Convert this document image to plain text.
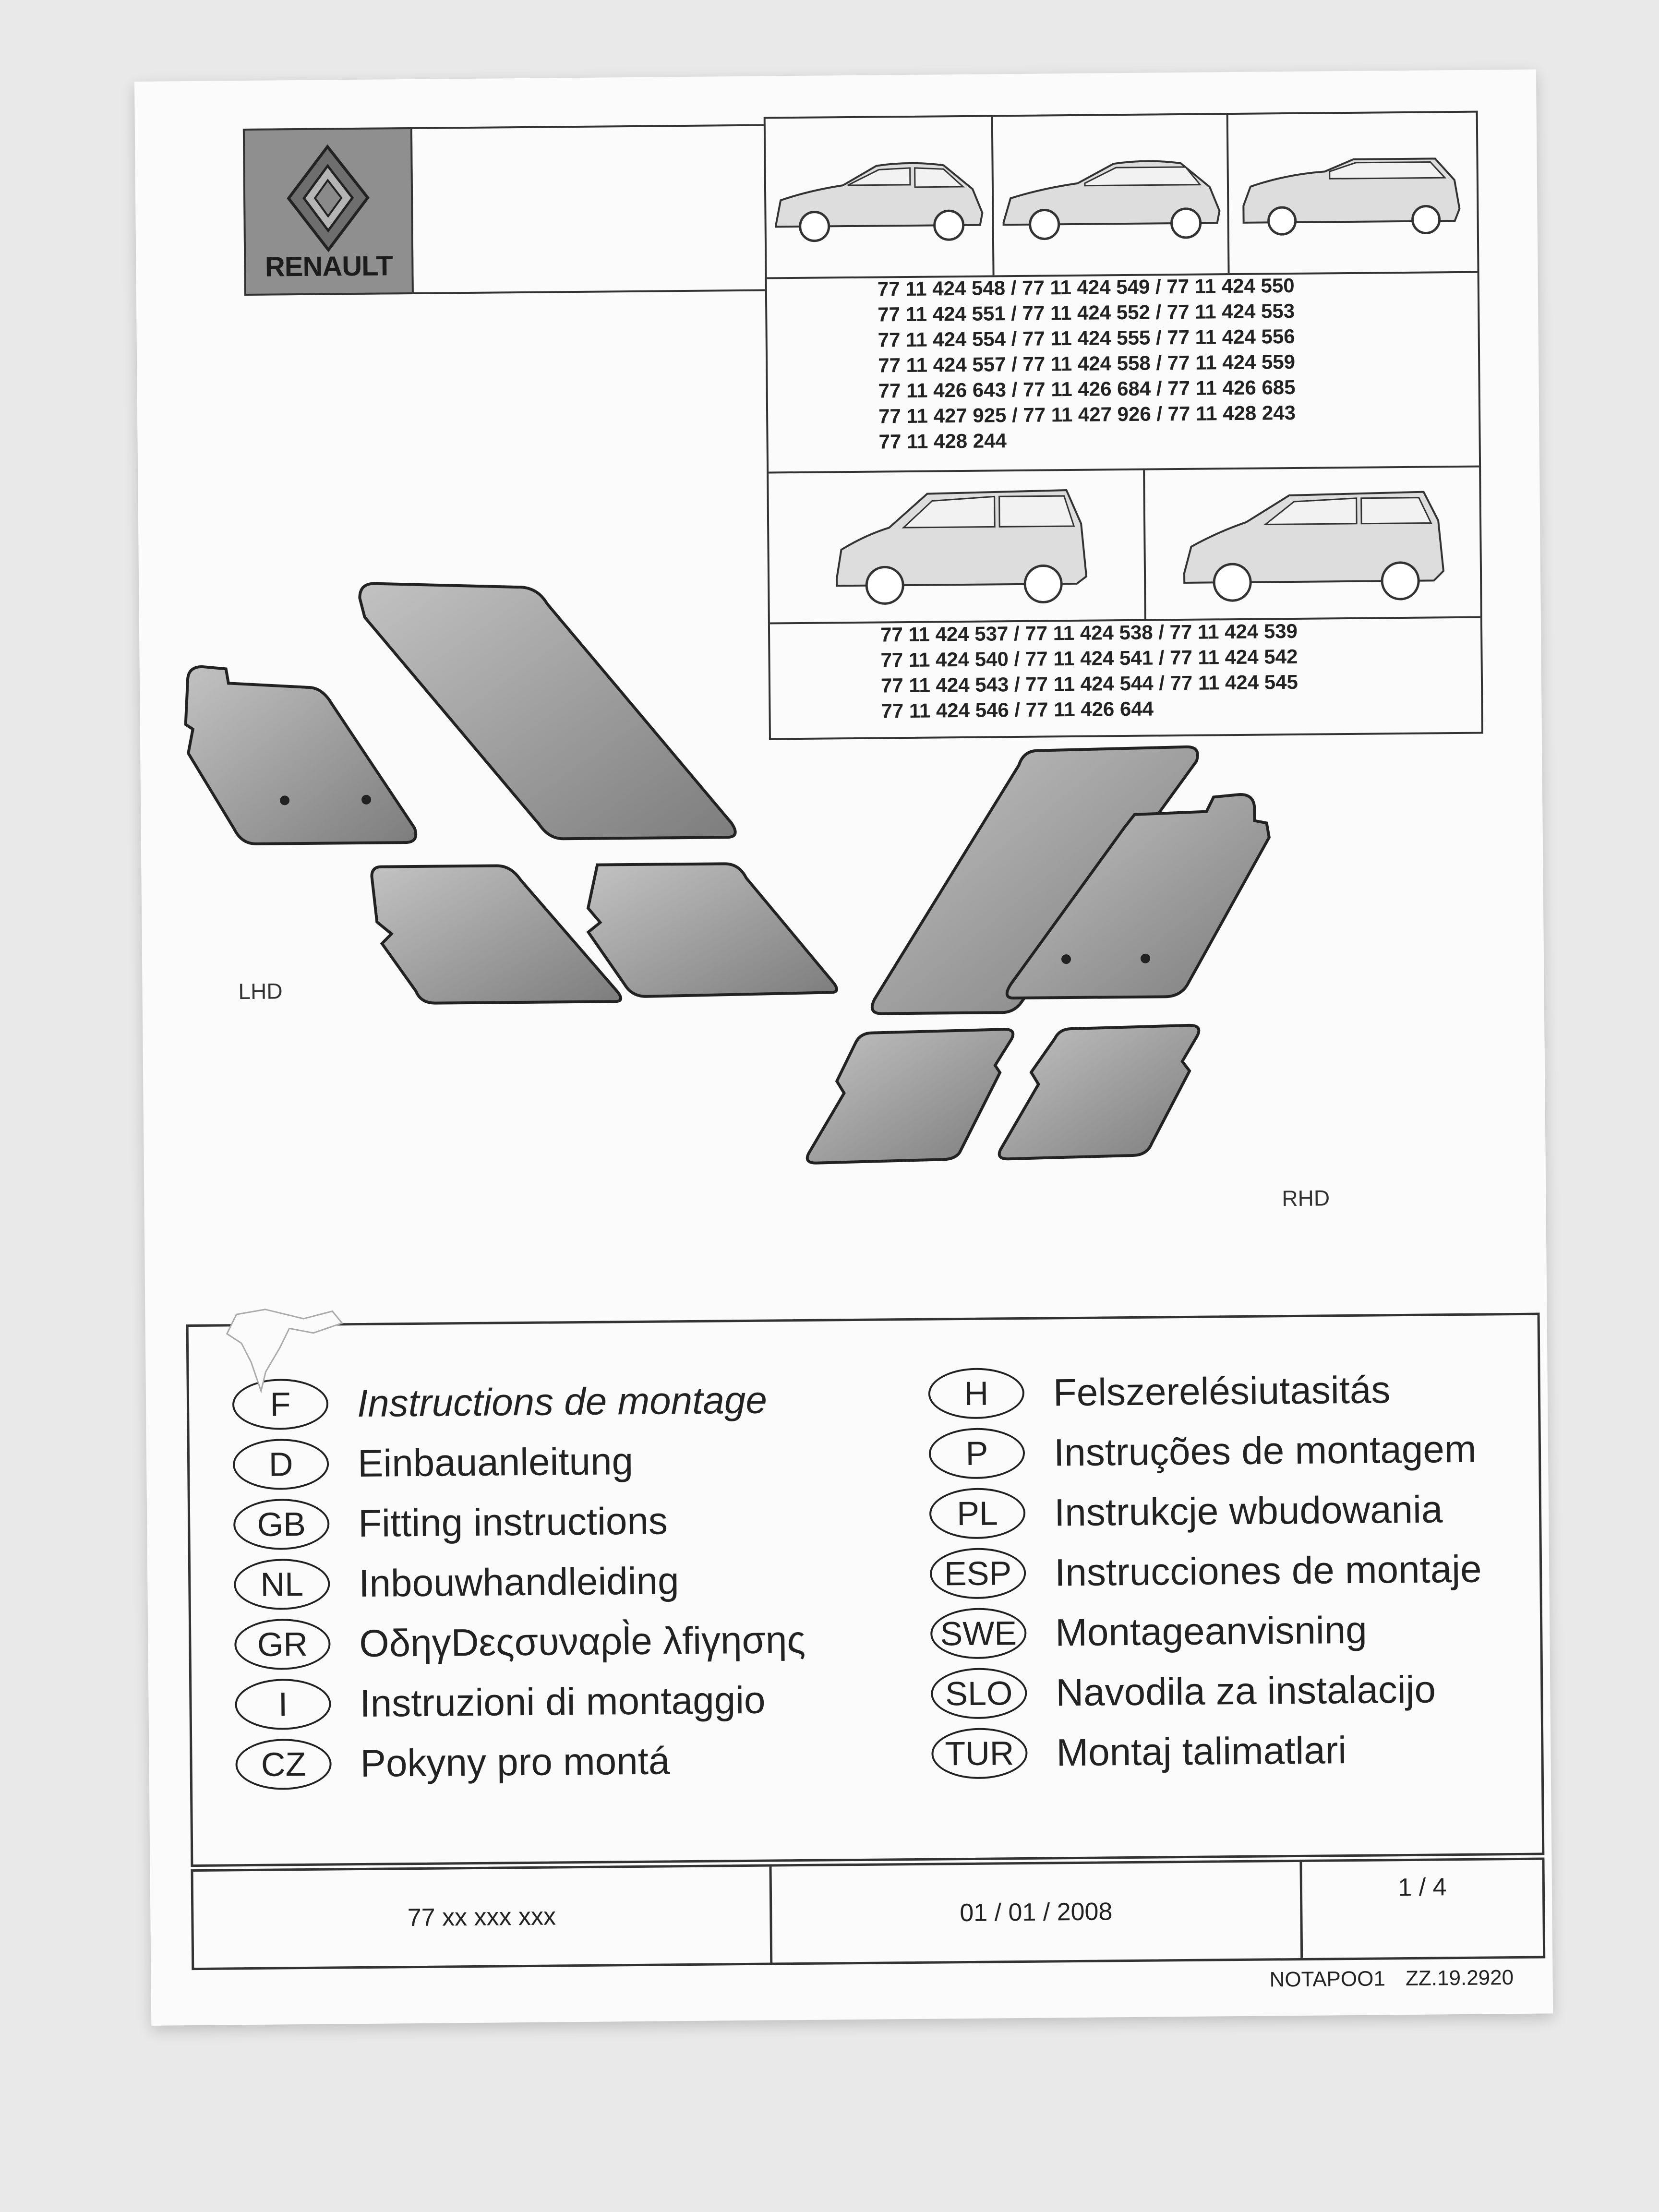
RENAULT
77 11 424 548 / 77 11 424 549 / 77 11 424 550
77 11 424 551 / 77 11 424 552 / 77 11 424 553
77 11 424 554 / 77 11 424 555 / 77 11 424 556
77 11 424 557 / 77 11 424 558 / 77 11 424 559
77 11 426 643 / 77 11 426 684 / 77 11 426 685
77 11 427 925 / 77 11 427 926 / 77 11 428 243
77 11 428 244
77 11 424 537 / 77 11 424 538 / 77 11 424 539
77 11 424 540 / 77 11 424 541 / 77 11 424 542
77 11 424 543 / 77 11 424 544 / 77 11 424 545
77 11 424 546 / 77 11 426 644
LHD
RHD
F	Instructions de montage
D	Einbauanleitung
GB	Fitting instructions
NL	Inbouwhandleiding
GR	ΟδηγDεςσυναρl̀e λfiγησης
I	Instruzioni di montaggio
CZ	Pokyny pro montá
H	Felszerelésiutasitás
P	Instruções de montagem
PL	Instrukcje wbudowania
ESP	Instrucciones de montaje
SWE Montageanvisning
SLO	Navodila za instalacijo
TUR	Montaj talimatlari
77 xx xxx xxx	01 / 01 / 2008
1 / 4
NOTAPOO1 ZZ.19.2920
